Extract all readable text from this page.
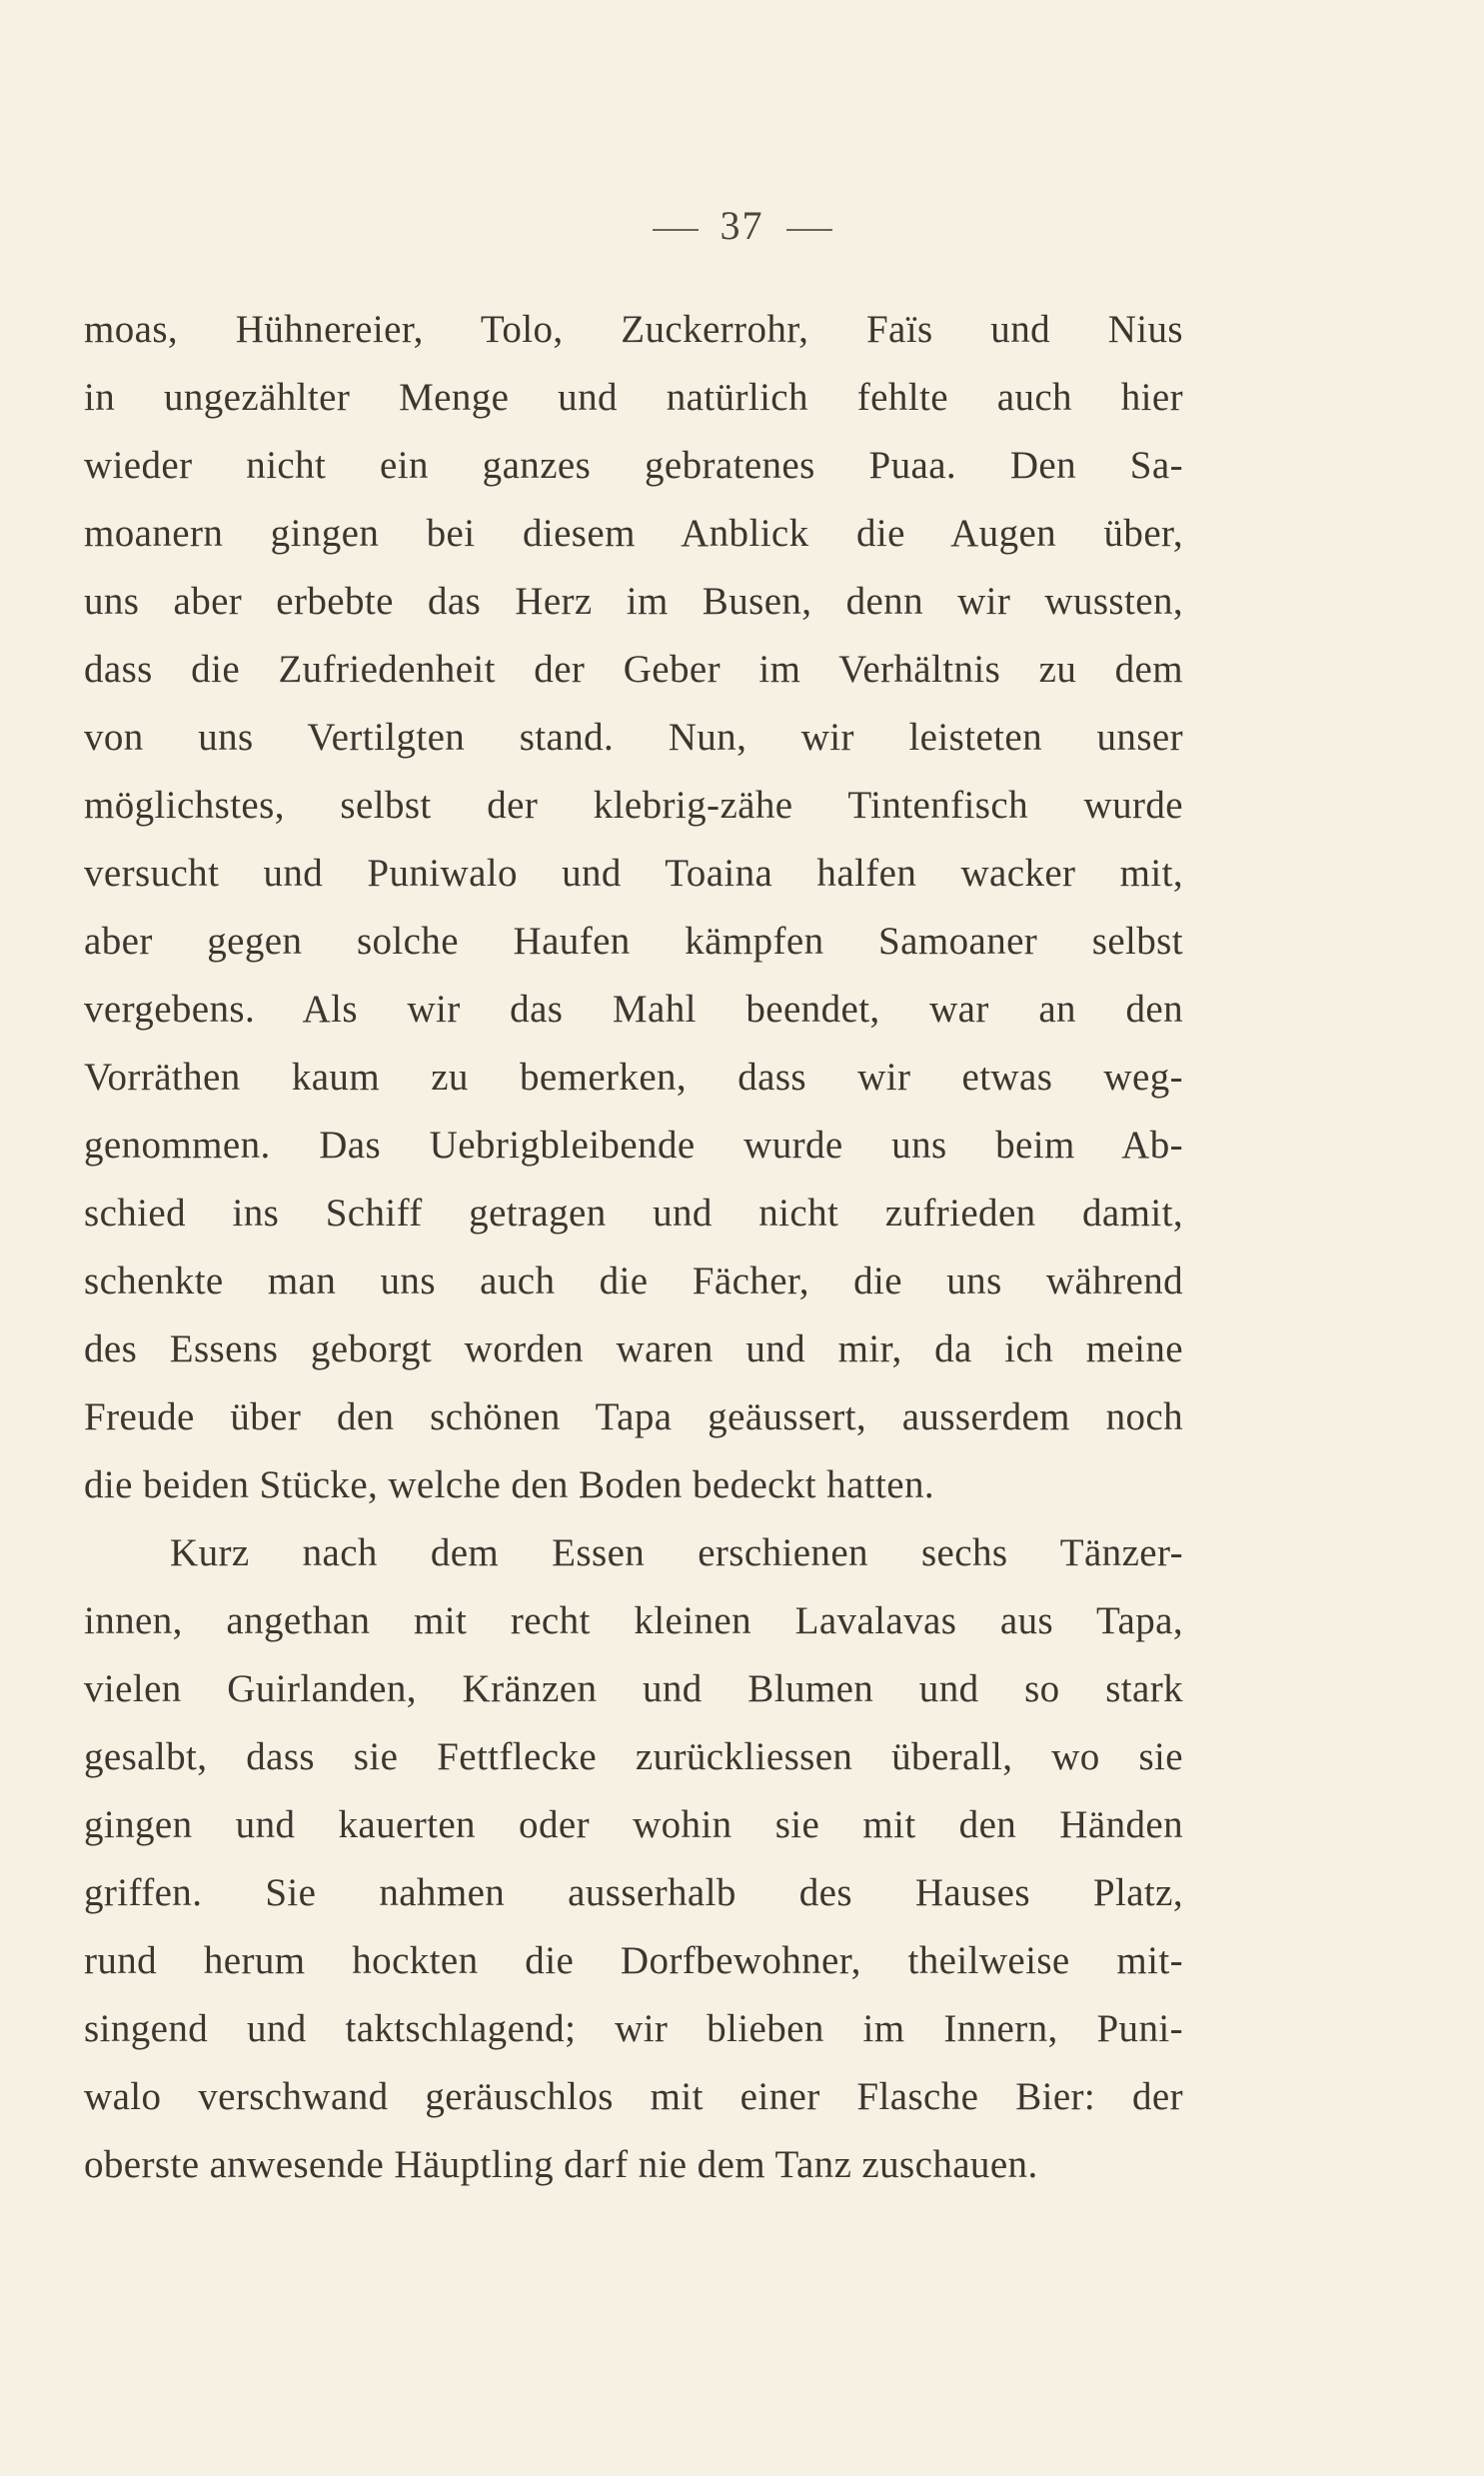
37
moas, Hühnereier, Tolo, Zuckerrohr, Faïs und Nius
in ungezählter Menge und natürlich fehlte auch hier
wieder nicht ein ganzes gebratenes Puaa. Den Sa-
moanern gingen bei diesem Anblick die Augen über,
uns aber erbebte das Herz im Busen, denn wir wussten,
dass die Zufriedenheit der Geber im Verhältnis zu dem
von uns Vertilgten stand. Nun, wir leisteten unser
möglichstes, selbst der klebrig-zähe Tintenfisch wurde
versucht und Puniwalo und Toaina halfen wacker mit,
aber gegen solche Haufen kämpfen Samoaner selbst
vergebens. Als wir das Mahl beendet, war an den
Vorräthen kaum zu bemerken, dass wir etwas weg-
genommen. Das Uebrigbleibende wurde uns beim Ab-
schied ins Schiff getragen und nicht zufrieden damit,
schenkte man uns auch die Fächer, die uns während
des Essens geborgt worden waren und mir, da ich meine
Freude über den schönen Tapa geäussert, ausserdem noch
die beiden Stücke, welche den Boden bedeckt hatten.
Kurz nach dem Essen erschienen sechs Tänzer-
innen, angethan mit recht kleinen Lavalavas aus Tapa,
vielen Guirlanden, Kränzen und Blumen und so stark
gesalbt, dass sie Fettflecke zurückliessen überall, wo sie
gingen und kauerten oder wohin sie mit den Händen
griffen. Sie nahmen ausserhalb des Hauses Platz,
rund herum hockten die Dorfbewohner, theilweise mit-
singend und taktschlagend; wir blieben im Innern, Puni-
walo verschwand geräuschlos mit einer Flasche Bier: der
oberste anwesende Häuptling darf nie dem Tanz zuschauen.
